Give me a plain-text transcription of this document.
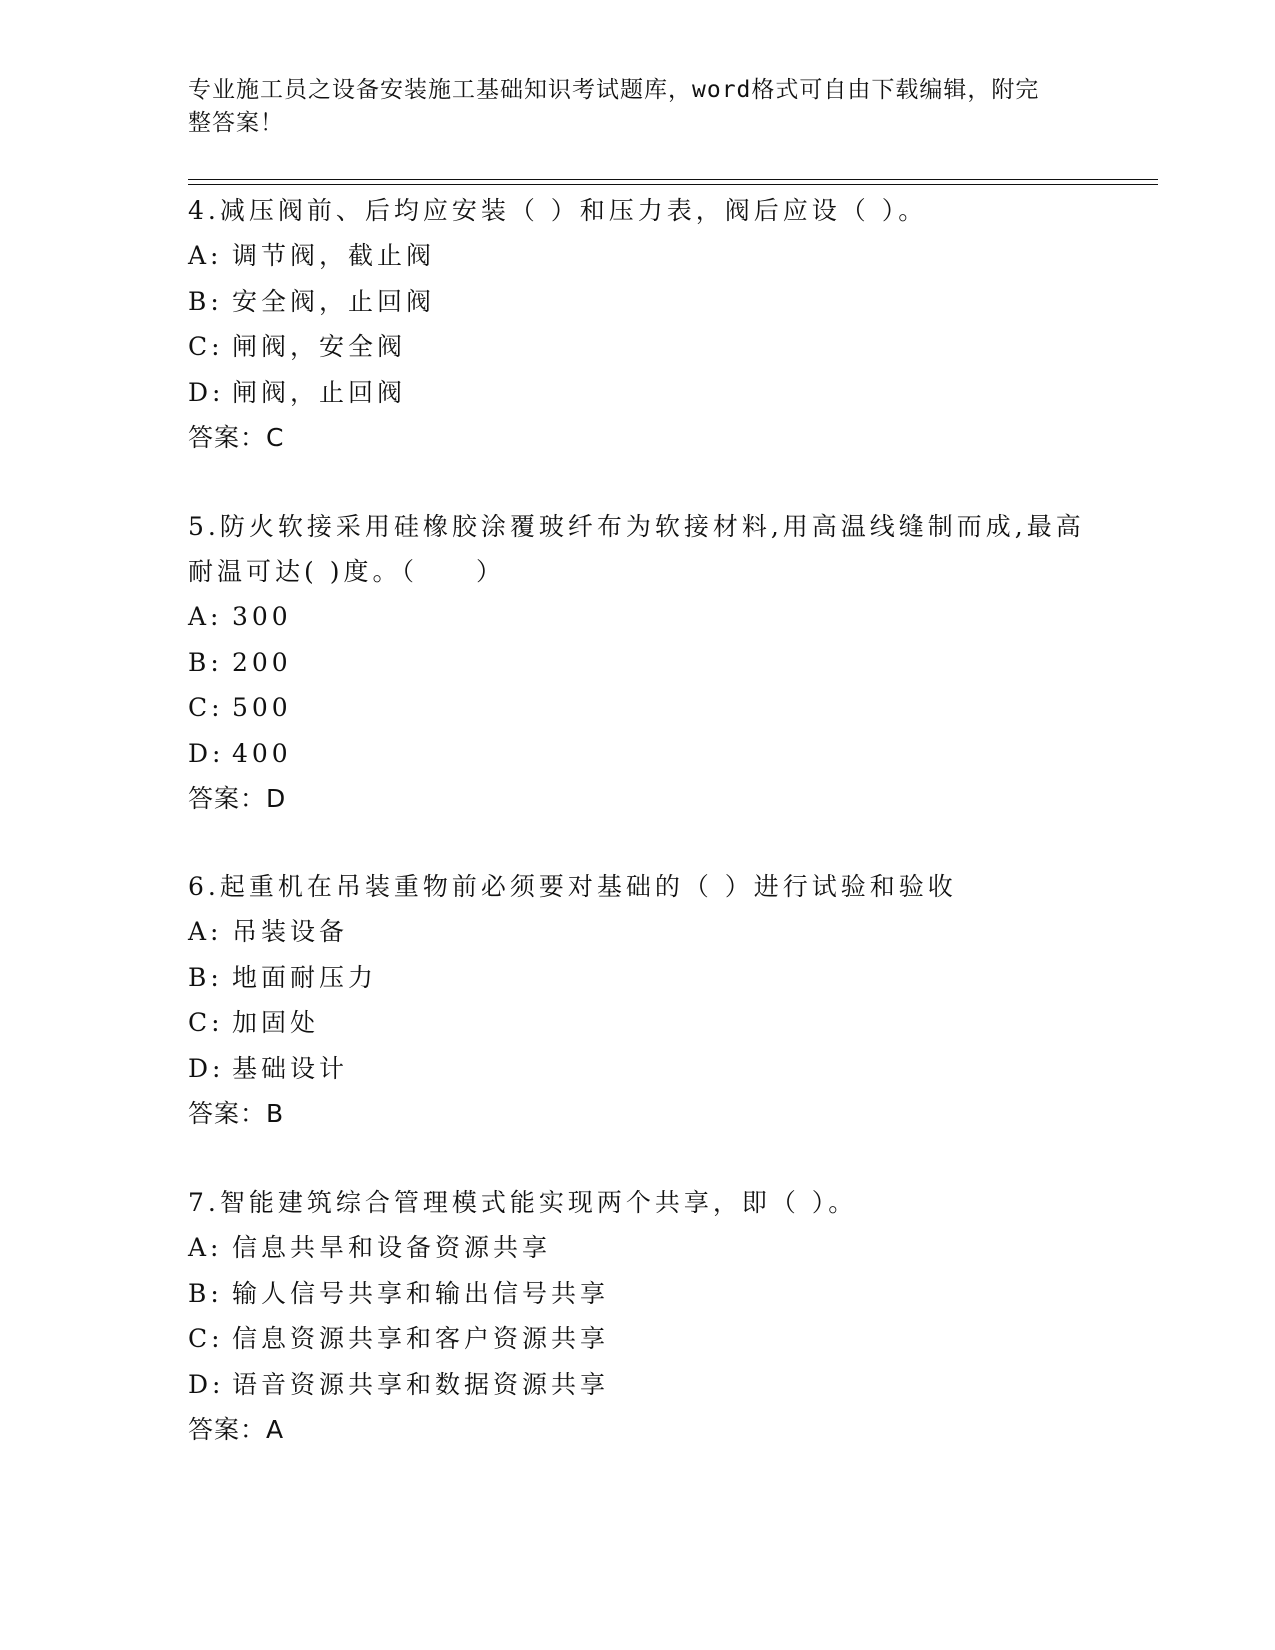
专业施工员之设备安装施工基础知识考试题库，word格式可自由下载编辑，附完
整答案！
4.减压阀前、后均应安装（ ）和压力表，阀后应设（ ）。
A: 调节阀，截止阀
B: 安全阀，止回阀
C: 闸阀，安全阀
D: 闸阀，止回阀
答案：C
5.防火软接采用硅橡胶涂覆玻纤布为软接材料,用高温线缝制而成,最高耐温可达( )度。（　　）
A: 300
B: 200
C: 500
D: 400
答案：D
6.起重机在吊装重物前必须要对基础的（ ）进行试验和验收
A: 吊装设备
B: 地面耐压力
C: 加固处
D: 基础设计
答案：B
7.智能建筑综合管理模式能实现两个共享，即（ ）。
A: 信息共旱和设备资源共享
B: 输人信号共享和输出信号共享
C: 信息资源共享和客户资源共享
D: 语音资源共享和数据资源共享
答案：A
